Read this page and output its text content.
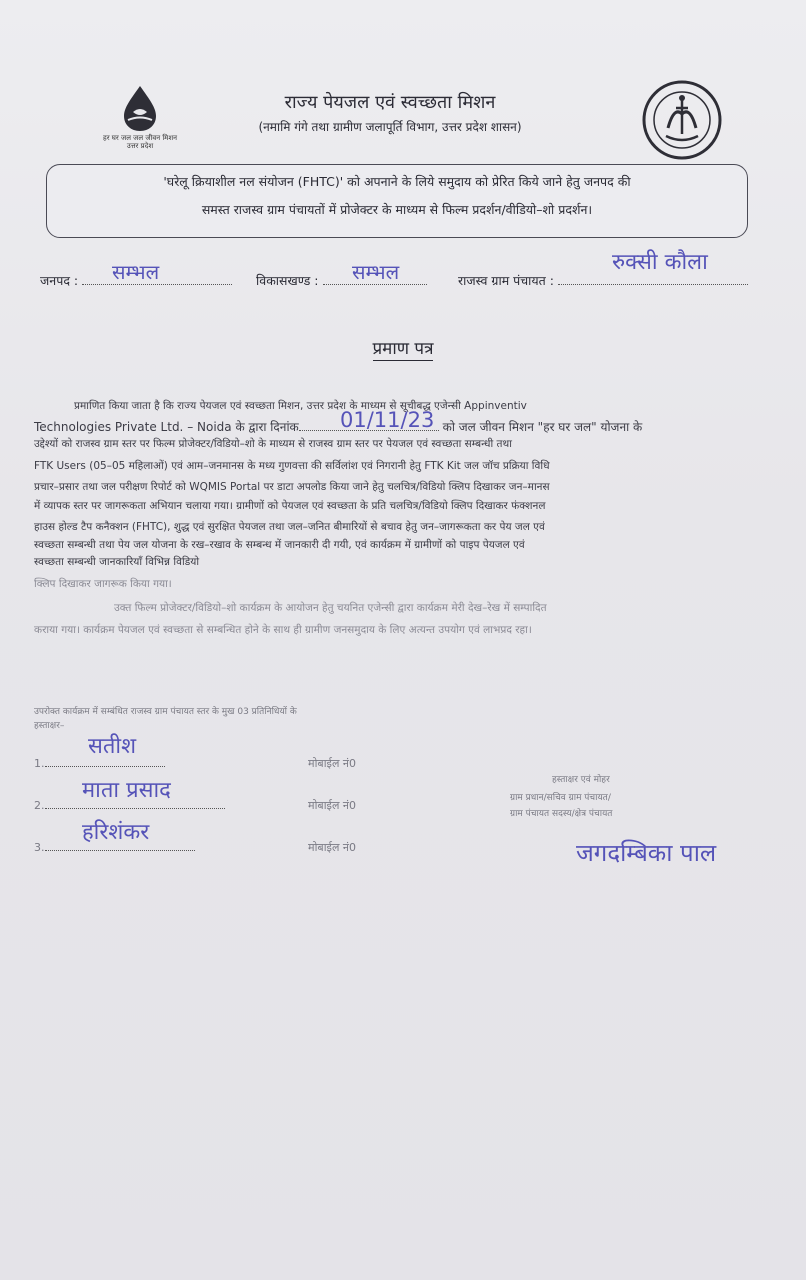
हर घर जल जल जीवन मिशन उत्तर प्रदेश
राज्य पेयजल एवं स्वच्छता मिशन
(नमामि गंगे तथा ग्रामीण जलापूर्ति विभाग, उत्तर प्रदेश शासन)

'घरेलू क्रियाशील नल संयोजन (FHTC)' को अपनाने के लिये समुदाय को प्रेरित किये जाने हेतु जनपद की

समस्त राजस्व ग्राम पंचायतों में प्रोजेक्टर के माध्यम से फिल्म प्रदर्शन/वीडियो–शो प्रदर्शन।

जनपद :	सम्भल	विकासखण्ड :	सम्भल	राजस्व ग्राम पंचायत :
रुक्सी कौला
प्रमाण पत्र
प्रमाणित किया जाता है कि राज्य पेयजल एवं स्वच्छता मिशन, उत्तर प्रदेश के माध्यम से सूचीबद्ध एजेन्सी Appinventiv
Technologies Private Ltd. – Noida के द्वारा दिनांक	को जल जीवन मिशन "हर घर जल" योजना के
01/11/23
उद्देश्यों को राजस्व ग्राम स्तर पर फिल्म प्रोजेक्टर/विडियो–शो के माध्यम से राजस्व ग्राम स्तर पर पेयजल एवं स्वच्छता सम्बन्धी तथा
FTK Users (05–05 महिलाओं) एवं आम–जनमानस के मध्य गुणवत्ता की सर्विलांश एवं निगरानी हेतु FTK Kit जल जॉच प्रक्रिया विधि
प्रचार–प्रसार तथा जल परीक्षण रिपोर्ट को WQMIS Portal पर डाटा अपलोड किया जाने हेतु चलचित्र/विडियो क्लिप दिखाकर जन–मानस
में व्यापक स्तर पर जागरूकता अभियान चलाया गया। ग्रामीणों को पेयजल एवं स्वच्छता के प्रति चलचित्र/विडियो क्लिप दिखाकर फंक्शनल
हाउस होल्ड टैप कनैक्शन (FHTC), शुद्ध एवं सुरक्षित पेयजल तथा जल–जनित बीमारियों से बचाव हेतु जन–जागरूकता कर पेय जल एवं
स्वच्छता सम्बन्धी तथा पेय जल योजना के रख–रखाव के सम्बन्ध में जानकारी दी गयी, एवं कार्यक्रम में ग्रामीणों को पाइप पेयजल एवं
स्वच्छता सम्बन्धी जानकारियाँ विभिन्न विडियो
क्लिप दिखाकर जागरूक किया गया।
उक्त फिल्म प्रोजेक्टर/विडियो–शो कार्यक्रम के आयोजन हेतु चयनित एजेन्सी द्वारा कार्यक्रम मेरी देख–रेख में सम्पादित
कराया गया। कार्यक्रम पेयजल एवं स्वच्छता से सम्बन्धित होने के साथ ही ग्रामीण जनसमुदाय के लिए अत्यन्त उपयोग एवं लाभप्रद रहा।
उपरोक्त कार्यक्रम में सम्बंधित राजस्व ग्राम पंचायत स्तर के मुख 03 प्रतिनिधियों के
हस्ताक्षर–
1.	मोबाईल नं0
सतीश
2.	मोबाईल नं0
माता प्रसाद
3.	मोबाईल नं0
हरिशंकर
हस्ताक्षर एवं मोहर
ग्राम प्रधान/सचिव ग्राम पंचायत/
ग्राम पंचायत सदस्य/क्षेत्र पंचायत
जगदम्बिका पाल
